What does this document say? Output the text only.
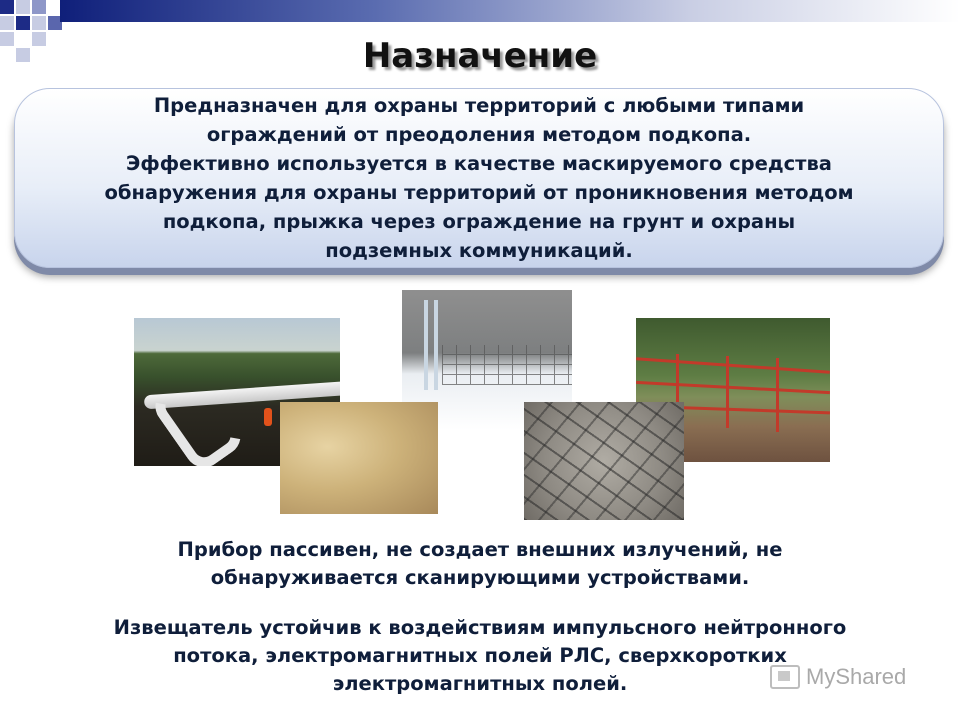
Назначение

Предназначен для охраны территорий с любыми типами

ограждений от преодоления методом подкопа.

Эффективно используется в качестве маскируемого средства

обнаружения для охраны территорий от проникновения методом

подкопа, прыжка через ограждение на грунт и охраны

подземных коммуникаций.

Прибор пассивен, не создает внешних излучений, не
обнаруживается сканирующими устройствами.
Извещатель устойчив к воздействиям импульсного нейтронного
потока, электромагнитных полей РЛС, сверхкоротких
электромагнитных полей.	MyShared
